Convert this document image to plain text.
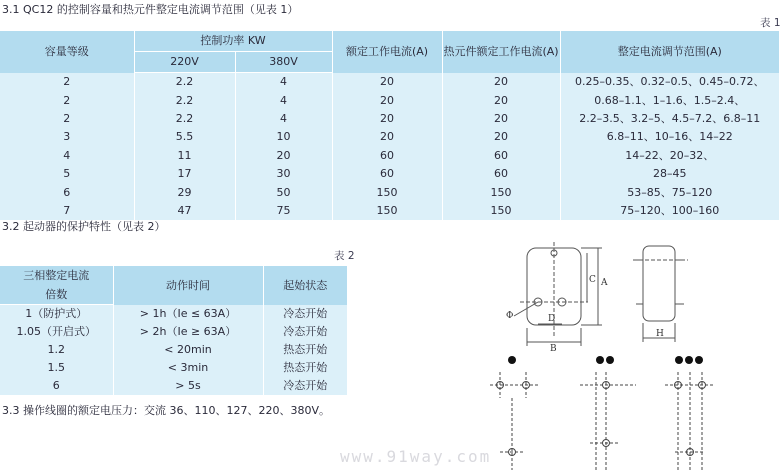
3.1 QC12 的控制容量和热元件整定电流调节范围（见表 1）
表 1
容量等级	控制功率 KW		额定工作电流(A)	热元件额定工作电流(A)	整定电流调节范围(A)
	220V	380V			
2	2.2	4	20	20	0.25–0.35、0.32–0.5、0.45–0.72、
2	2.2	4	20	20	0.68–1.1、1–1.6、1.5–2.4、
2	2.2	4	20	20	2.2–3.5、3.2–5、4.5–7.2、6.8–11
3	5.5	10	20	20	6.8–11、10–16、14–22
4	11	20	60	60	14–22、20–32、
5	17	30	60	60	28–45
6	29	50	150	150	53–85、75–120
7	47	75	150	150	75–120、100–160
3.2 起动器的保护特性（见表 2）
表 2
三相整定电流	动作时间	起始状态
倍数		
1（防护式）	> 1h（Ie ≤ 63A）	冷态开始
1.05（开启式）	> 2h（Ie ≥ 63A）	冷态开始
1.2	< 20min	热态开始
1.5	< 3min	热态开始
6	> 5s	冷态开始
3.3 操作线圈的额定电压力：交流 36、110、127、220、380V。
Φ
A
C
D
B
H
www.91way.com
